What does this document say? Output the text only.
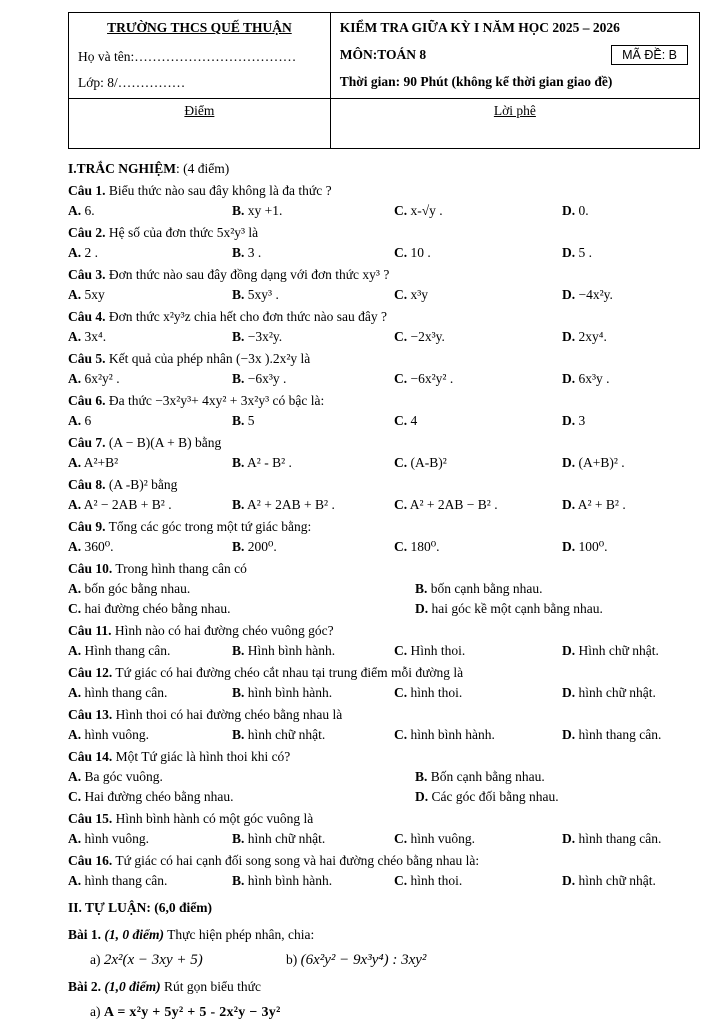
TRƯỜNG THCS QUẾ THUẬN
Họ và tên:………………………………
Lớp: 8/……………

KIỂM TRA GIỮA KỲ I NĂM HỌC 2025 – 2026
MÔN:TOÁN 8	MÃ ĐỀ: B
Thời gian: 90 Phút (không kể thời gian giao đề)

Điểm	Lời phê
I.TRẮC NGHIỆM: (4 điểm)
Câu 1. Biểu thức nào sau đây không là đa thức ?
A. 6.	B. xy +1.	C. x-√y .	D. 0.
Câu 2. Hệ số của đơn thức 5x²y³ là
A. 2 .	B. 3 .	C. 10 .	D. 5 .
Câu 3. Đơn thức nào sau đây đồng dạng với đơn thức xy³ ?
A. 5xy	B. 5xy³ .	C. x³y	D. −4x²y.
Câu 4. Đơn thức x²y³z chia hết cho đơn thức nào sau đây ?
A. 3x⁴.	B. −3x²y.	C. −2x³y.	D. 2xy⁴.
Câu 5. Kết quả của phép nhân (−3x ).2x²y là
A. 6x²y² .	B. −6x³y .	C. −6x²y² .	D. 6x³y .
Câu 6. Đa thức −3x²y³+ 4xy² + 3x²y³ có bậc là:
A. 6	B. 5	C. 4	D. 3
Câu 7. (A − B)(A + B) bằng
A. A²+B²	B. A² - B² .	C. (A-B)²	D. (A+B)² .
Câu 8. (A -B)² bằng
A. A² − 2AB + B² .	B. A² + 2AB + B² .	C. A² + 2AB − B² .	D. A² + B² .
Câu 9. Tổng các góc trong một tứ giác bằng:
A. 360⁰.	B. 200⁰.	C. 180⁰.	D. 100⁰.
Câu 10. Trong hình thang cân có
A. bốn góc bằng nhau.	B. bốn cạnh bằng nhau.
C. hai đường chéo bằng nhau.	D. hai góc kề một cạnh bằng nhau.
Câu 11. Hình nào có hai đường chéo vuông góc?
A. Hình thang cân.	B. Hình bình hành.	C. Hình thoi.	D. Hình chữ nhật.
Câu 12. Tứ giác có hai đường chéo cắt nhau tại trung điểm mỗi đường là
A. hình thang cân.	B. hình bình hành.	C. hình thoi.	D. hình chữ nhật.
Câu 13. Hình thoi có hai đường chéo bằng nhau là
A. hình vuông.	B. hình chữ nhật.	C. hình bình hành.	D. hình thang cân.
Câu 14. Một Tứ giác là hình thoi khi có?
A. Ba góc vuông.	B. Bốn cạnh bằng nhau.
C. Hai đường chéo bằng nhau.	D. Các góc đối bằng nhau.
Câu 15. Hình bình hành có một góc vuông là
A. hình vuông.	B. hình chữ nhật.	C. hình vuông.	D. hình thang cân.
Câu 16. Tứ giác có hai cạnh đối song song và hai đường chéo bằng nhau là:
A. hình thang cân.	B. hình bình hành.	C. hình thoi.	D. hình chữ nhật.
II. TỰ LUẬN: (6,0 điểm)
Bài 1. (1, 0 điểm) Thực hiện phép nhân, chia:
a) 2x²(x − 3xy + 5)	b) (6x²y² − 9x³y⁴) : 3xy²
Bài 2. (1,0 điểm) Rút gọn biểu thức
a) A = x²y + 5y² + 5 - 2x²y − 3y²
